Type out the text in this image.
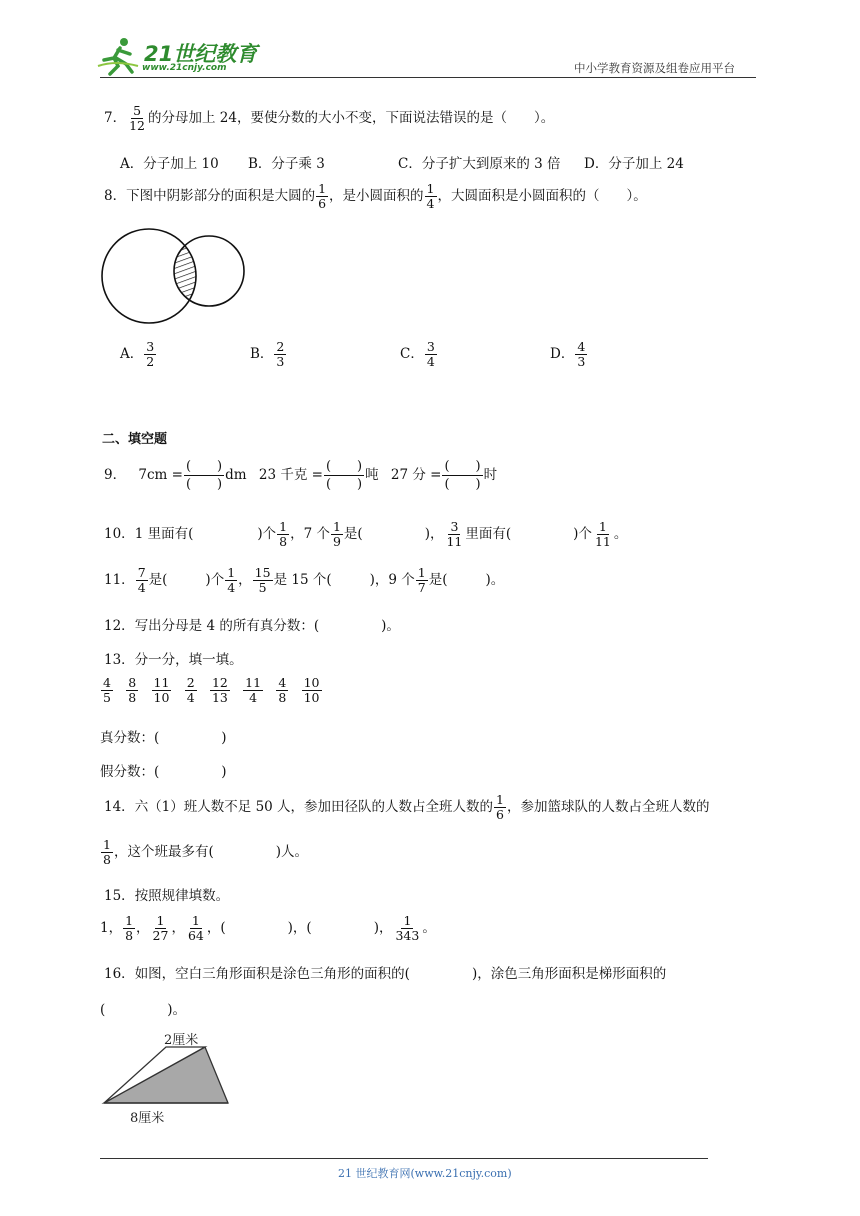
21世纪教育
www.21cnjy.com	中小学教育资源及组卷应用平台
7． $\frac{5}{12}$ 的分母加上 24，要使分数的大小不变，下面说法错误的是（　　）。
A．分子加上 10 B．分子乘 3	C．分子扩大到原来的 3 倍 D．分子加上 24
8．下图中阴影部分的面积是大圆的 $\frac{1}{6}$ ，是小圆面积的 $\frac{1}{4}$ ，大圆面积是小圆面积的（　　）。
A． $\frac{3}{2}$	B． $\frac{2}{3}$	C． $\frac{3}{4}$	D． $\frac{4}{3}$
二、填空题
9． 7cm =
(　　)
(　　)
dm 23 千克 =
(　　)
(　　)
吨 27 分 =
(　　)
(　　)
时
10．1 里面有(	)个 $\frac{1}{8}$ ，7 个 $\frac{1}{9}$ 是(	)， $\frac{3}{11}$ 里面有(	)个 $\frac{1}{11}$ 。
11． $\frac{7}{4}$ 是(	)个 $\frac{1}{4}$ ， $\frac{15}{5}$ 是 15 个(	)，9 个 $\frac{1}{7}$ 是(	)。
12．写出分母是 4 的所有真分数：(	)。
13．分一分，填一填。
$\frac{4}{5}$
$\frac{8}{8}$
$\frac{11}{10}$
$\frac{2}{4}$
$\frac{12}{13}$
$\frac{11}{4}$
$\frac{4}{8}$
$\frac{10}{10}$
真分数：(	)
假分数：(	)
14．六（1）班人数不足 50 人，参加田径队的人数占全班人数的 $\frac{1}{6}$ ，参加篮球队的人数占全班人数的
$\frac{1}{8}$ ，这个班最多有(	)人。
15．按照规律填数。
1， $\frac{1}{8}$ ， $\frac{1}{27}$ ， $\frac{1}{64}$ ，(	)，(	)， $\frac{1}{343}$ 。
16．如图，空白三角形面积是涂色三角形的面积的(	)，涂色三角形面积是梯形面积的
(	)。
2厘米
8厘米
21 世纪教育网(www.21cnjy.com)
